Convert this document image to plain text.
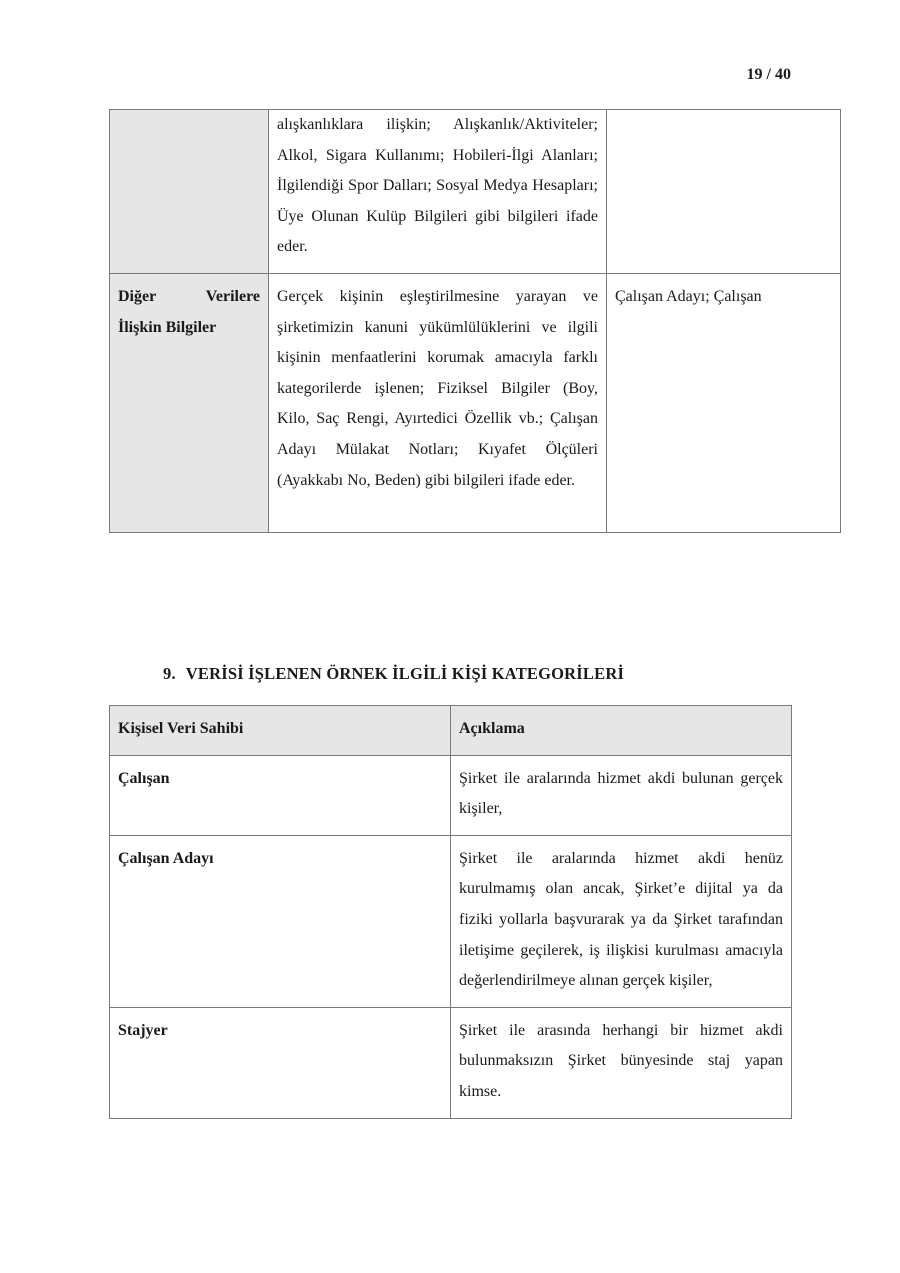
19 / 40
	alışkanlıklara ilişkin; Alışkanlık/Aktiviteler; Alkol, Sigara Kullanımı; Hobileri-İlgi Alanları; İlgilendiği Spor Dalları; Sosyal Medya Hesapları; Üye Olunan Kulüp Bilgileri gibi bilgileri ifade eder.	
Diğer Verilere İlişkin Bilgiler	Gerçek kişinin eşleştirilmesine yarayan ve şirketimizin kanuni yükümlülüklerini ve ilgili kişinin menfaatlerini korumak amacıyla farklı kategorilerde işlenen; Fiziksel Bilgiler (Boy, Kilo, Saç Rengi, Ayırtedici Özellik vb.; Çalışan Adayı Mülakat Notları; Kıyafet Ölçüleri (Ayakkabı No, Beden) gibi bilgileri ifade eder.	Çalışan Adayı; Çalışan
9. VERİSİ İŞLENEN ÖRNEK İLGİLİ KİŞİ KATEGORİLERİ
Kişisel Veri Sahibi	Açıklama
Çalışan	Şirket ile aralarında hizmet akdi bulunan gerçek kişiler,
Çalışan Adayı	Şirket ile aralarında hizmet akdi henüz kurulmamış olan ancak, Şirket’e dijital ya da fiziki yollarla başvurarak ya da Şirket tarafından iletişime geçilerek, iş ilişkisi kurulması amacıyla değerlendirilmeye alınan gerçek kişiler,
Stajyer	Şirket ile arasında herhangi bir hizmet akdi bulunmaksızın Şirket bünyesinde staj yapan kimse.
